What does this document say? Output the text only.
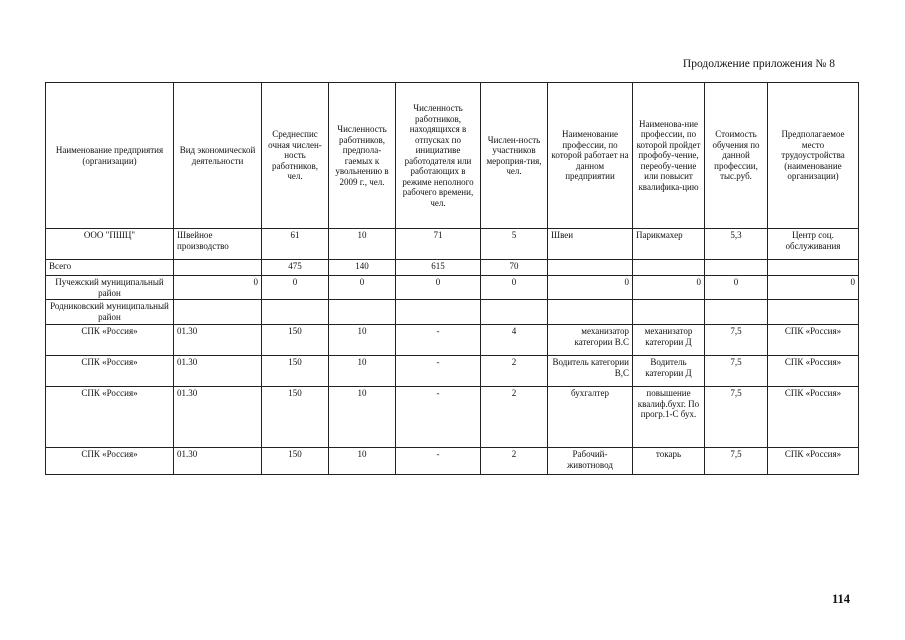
Продолжение приложения № 8
Наименование предприятия (организации)	Вид экономической деятельности	Среднеспис очная числен-ность работников, чел.	Численность работников, предпола-гаемых к увольнению в 2009 г., чел.	Численность работников, находящихся в отпусках по инициативе работодателя или работающих в режиме неполного рабочего времени, чел.	Числен-ность участников мероприя-тия, чел.	Наименование профессии, по которой работает на данном предприятии	Наименова-ние профессии, по которой пройдет профобу-чение, переобу-чение или повысит квалифика-цию	Стоимость обучения по данной профессии, тыс.руб.	Предполагаемое место трудоустройства (наименование организации)
ООО "ПШЦ"	Швейное производство	61	10	71	5	Швеи	Парикмахер	5,3	Центр соц. обслуживания
Всего		475	140	615	70				
Пучежский муниципальный район	0	0	0	0	0	0	0	0	0
Родниковский муниципальный район									
СПК «Россия»	01.30	150	10	-	4	механизатор категории В.С	механизатор категории Д	7,5	СПК «Россия»
СПК «Россия»	01.30	150	10	-	2	Водитель категории В,С	Водитель категории Д	7,5	СПК «Россия»
СПК «Россия»	01.30	150	10	-	2	бухгалтер	повышение квалиф.бухг. По прогр.1-С бух.	7,5	СПК «Россия»
СПК «Россия»	01.30	150	10	-	2	Рабочий-животновод	токарь	7,5	СПК «Россия»
114
